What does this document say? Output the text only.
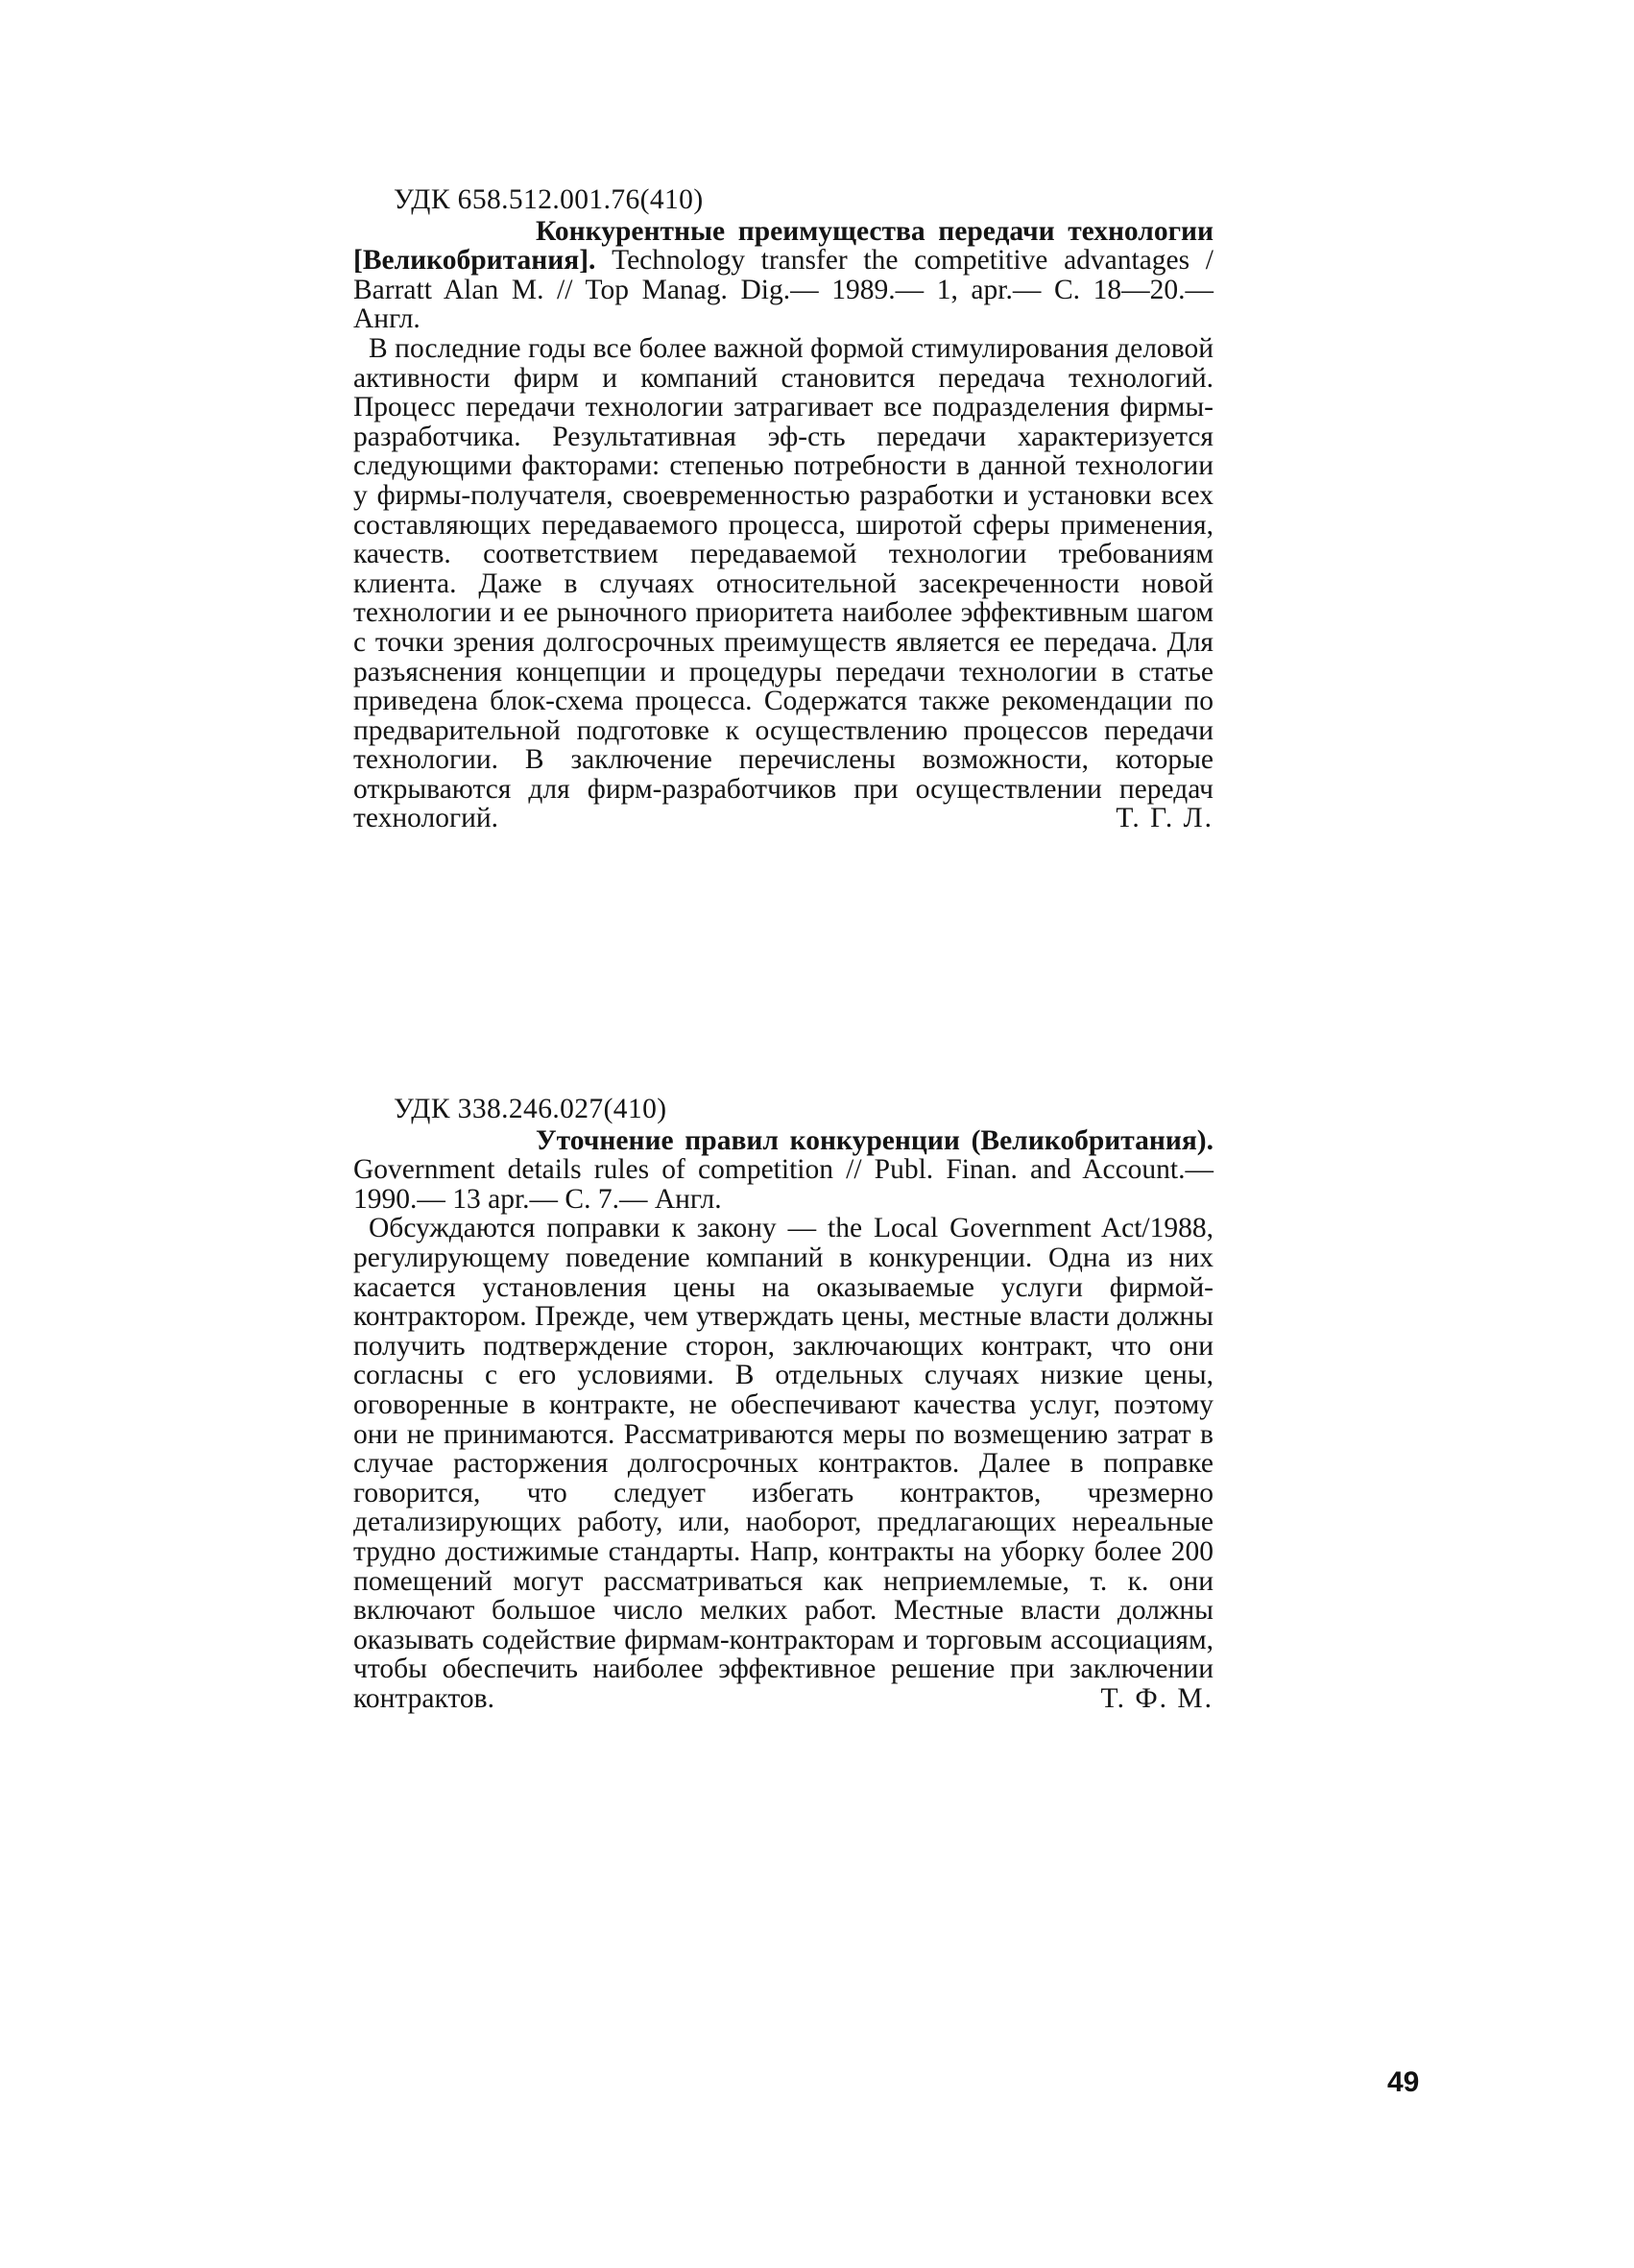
УДК 658.512.001.76(410)

Конкурентные преимущества передачи технологии [Великобритания]. Technology transfer the competitive advantages / Barratt Alan M. // Top Manag. Dig.— 1989.— 1, apr.— C. 18—20.— Англ.

В последние годы все более важной формой стимулирования деловой активности фирм и компаний становится передача технологий. Процесс передачи технологии затрагивает все подразделения фирмы-разработчика. Результативная эф-сть передачи характеризуется следующими факторами: степенью потребности в данной технологии у фирмы-получателя, своевременностью разработки и установки всех составляющих передаваемого процесса, широтой сферы применения, качеств. соответствием передаваемой технологии требованиям клиента. Даже в случаях относительной засекреченности новой технологии и ее рыночного приоритета наиболее эффективным шагом с точки зрения долгосрочных преимуществ является ее передача. Для разъяснения концепции и процедуры передачи технологии в статье приведена блок-схема процесса. Содержатся также рекомендации по предварительной подготовке к осуществлению процессов передачи технологии. В заключение перечислены возможности, которые открываются для фирм-разработчиков при осуществлении передач технологий.	Т. Г. Л.

УДК 338.246.027(410)

Уточнение правил конкуренции (Великобритания). Government details rules of competition // Publ. Finan. and Account.— 1990.— 13 apr.— C. 7.— Англ.

Обсуждаются поправки к закону — the Local Government Act/1988, регулирующему поведение компаний в конкуренции. Одна из них касается установления цены на оказываемые услуги фирмой-контрактором. Прежде, чем утверждать цены, местные власти должны получить подтверждение сторон, заключающих контракт, что они согласны с его условиями. В отдельных случаях низкие цены, оговоренные в контракте, не обеспечивают качества услуг, поэтому они не принимаются. Рассматриваются меры по возмещению затрат в случае расторжения долгосрочных контрактов. Далее в поправке говорится, что следует избегать контрактов, чрезмерно детализирующих работу, или, наоборот, предлагающих нереальные трудно достижимые стандарты. Напр, контракты на уборку более 200 помещений могут рассматриваться как неприемлемые, т. к. они включают большое число мелких работ. Местные власти должны оказывать содействие фирмам-контракторам и торговым ассоциациям, чтобы обеспечить наиболее эффективное решение при заключении контрактов.	Т. Ф. М.

49
